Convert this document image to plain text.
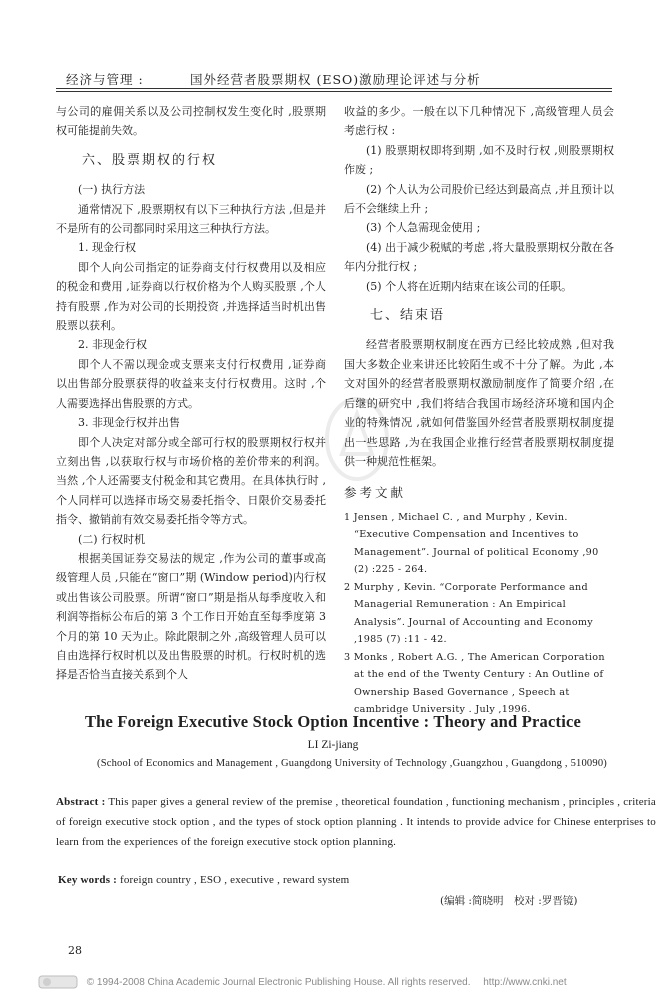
经济与管理 :	国外经营者股票期权 (ESO)激励理论评述与分析

与公司的雇佣关系以及公司控制权发生变化时 ,股票期权可能提前失效。

六、股票期权的行权

(一) 执行方法

通常情况下 ,股票期权有以下三种执行方法 ,但是并不是所有的公司都同时采用这三种执行方法。

1. 现金行权

即个人向公司指定的证券商支付行权费用以及相应的税金和费用 ,证券商以行权价格为个人购买股票 ,个人持有股票 ,作为对公司的长期投资 ,并选择适当时机出售股票以获利。

2. 非现金行权

即个人不需以现金或支票来支付行权费用 ,证券商以出售部分股票获得的收益来支付行权费用。这时 ,个人需要选择出售股票的方式。

3. 非现金行权并出售

即个人决定对部分或全部可行权的股票期权行权并立刻出售 ,以获取行权与市场价格的差价带来的利润。当然 ,个人还需要支付税金和其它费用。在具体执行时 ,个人同样可以选择市场交易委托指令、日限价交易委托指令、撤销前有效交易委托指令等方式。

(二) 行权时机

根据美国证券交易法的规定 ,作为公司的董事或高级管理人员 ,只能在“窗口”期 (Window period)内行权或出售该公司股票。所谓“窗口”期是指从每季度收入和利润等指标公布后的第 3 个工作日开始直至每季度第 3 个月的第 10 天为止。除此限制之外 ,高级管理人员可以自由选择行权时机以及出售股票的时机。行权时机的选择是否恰当直接关系到个人

收益的多少。一般在以下几种情况下 ,高级管理人员会考虑行权 :

(1) 股票期权即将到期 ,如不及时行权 ,则股票期权作废 ;

(2) 个人认为公司股价已经达到最高点 ,并且预计以后不会继续上升 ;

(3) 个人急需现金使用 ;

(4) 出于减少税赋的考虑 ,将大量股票期权分散在各年内分批行权 ;

(5) 个人将在近期内结束在该公司的任职。

七、结束语

经营者股票期权制度在西方已经比较成熟 ,但对我国大多数企业来讲还比较陌生或不十分了解。为此 ,本文对国外的经营者股票期权激励制度作了简要介绍 ,在后继的研究中 ,我们将结合我国市场经济环境和国内企业的特殊情况 ,就如何借鉴国外经营者股票期权制度提出一些思路 ,为在我国企业推行经营者股票期权制度提供一种规范性框架。

参考文献

1 Jensen , Michael C. , and Murphy , Kevin. “Executive Compensation and Incentives to Management”. Journal of political Economy ,90 (2) :225 - 264.

2 Murphy , Kevin. “Corporate Performance and Managerial Remuneration : An Empirical Analysis”. Journal of Accounting and Economy ,1985 (7) :11 - 42.

3 Monks , Robert A.G. , The American Corporation at the end of the Twenty Century : An Outline of Ownership Based Governance , Speech at cambridge University . July ,1996.

The Foreign Executive Stock Option Incentive : Theory and Practice
LI Zi-jiang
(School of Economics and Management , Guangdong University of Technology ,Guangzhou , Guangdong , 510090)
Abstract : This paper gives a general review of the premise , theoretical foundation , functioning mechanism , principles , criteria of foreign executive stock option , and the types of stock option planning . It intends to provide advice for Chinese enterprises to learn from the experiences of the foreign executive stock option planning.
Key words : foreign country , ESO , executive , reward system
(编辑 :简晓明　校对 :罗晋镜)
28
© 1994-2008 China Academic Journal Electronic Publishing House. All rights reserved. http://www.cnki.net
